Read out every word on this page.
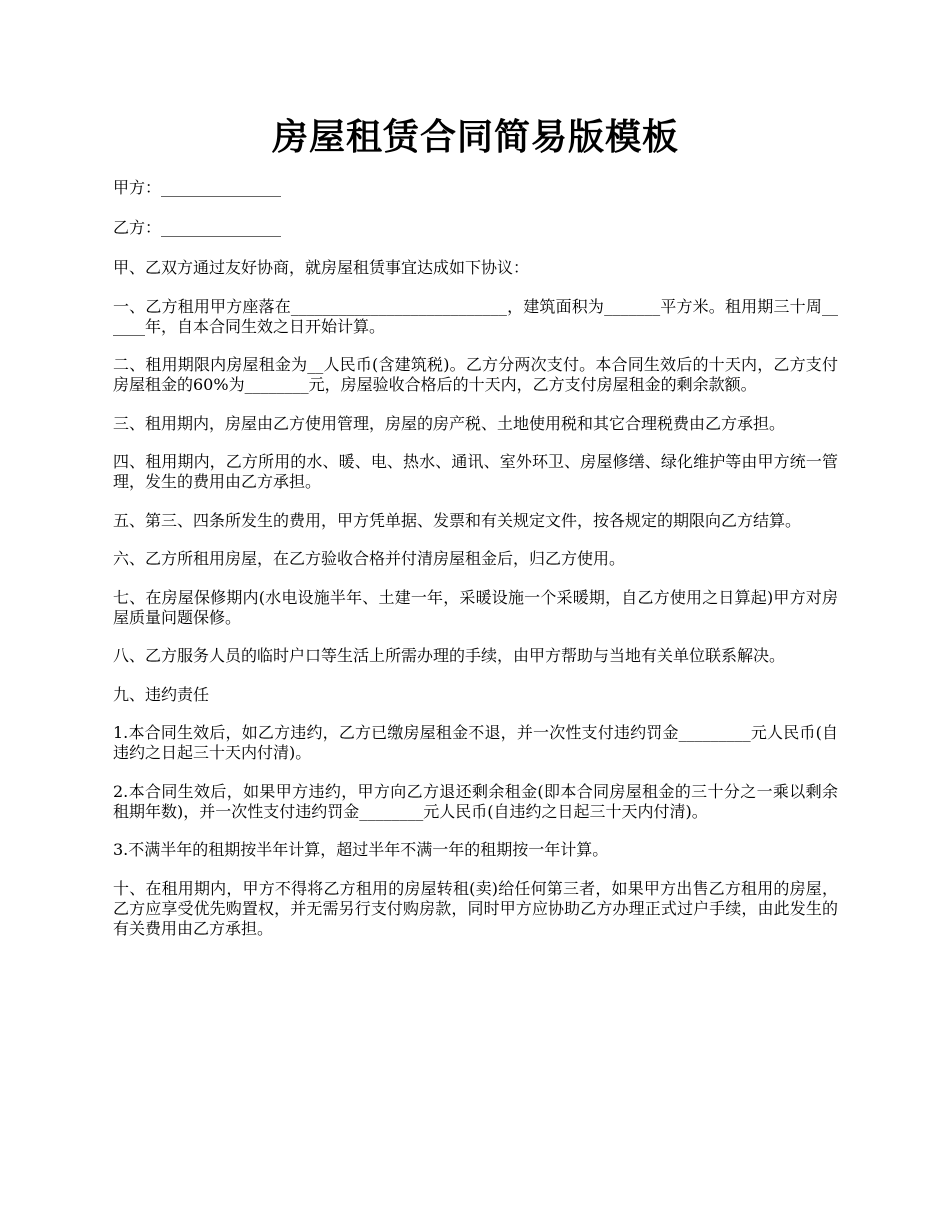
房屋租赁合同简易版模板

甲方：_______________

乙方：_______________

甲、乙双方通过友好协商，就房屋租赁事宜达成如下协议：

一、乙方租用甲方座落在___________________________，建筑面积为_______平方米。租用期三十周______年，自本合同生效之日开始计算。

二、租用期限内房屋租金为__人民币(含建筑税)。乙方分两次支付。本合同生效后的十天内，乙方支付房屋租金的60%为________元，房屋验收合格后的十天内，乙方支付房屋租金的剩余款额。

三、租用期内，房屋由乙方使用管理，房屋的房产税、土地使用税和其它合理税费由乙方承担。

四、租用期内，乙方所用的水、暖、电、热水、通讯、室外环卫、房屋修缮、绿化维护等由甲方统一管理，发生的费用由乙方承担。

五、第三、四条所发生的费用，甲方凭单据、发票和有关规定文件，按各规定的期限向乙方结算。

六、乙方所租用房屋，在乙方验收合格并付清房屋租金后，归乙方使用。

七、在房屋保修期内(水电设施半年、土建一年，采暖设施一个采暖期，自乙方使用之日算起)甲方对房屋质量问题保修。

八、乙方服务人员的临时户口等生活上所需办理的手续，由甲方帮助与当地有关单位联系解决。

九、违约责任

1.本合同生效后，如乙方违约，乙方已缴房屋租金不退，并一次性支付违约罚金_________元人民币(自违约之日起三十天内付清)。

2.本合同生效后，如果甲方违约，甲方向乙方退还剩余租金(即本合同房屋租金的三十分之一乘以剩余租期年数)，并一次性支付违约罚金________元人民币(自违约之日起三十天内付清)。

3.不满半年的租期按半年计算，超过半年不满一年的租期按一年计算。

十、在租用期内，甲方不得将乙方租用的房屋转租(卖)给任何第三者，如果甲方出售乙方租用的房屋，乙方应享受优先购置权，并无需另行支付购房款，同时甲方应协助乙方办理正式过户手续，由此发生的有关费用由乙方承担。
